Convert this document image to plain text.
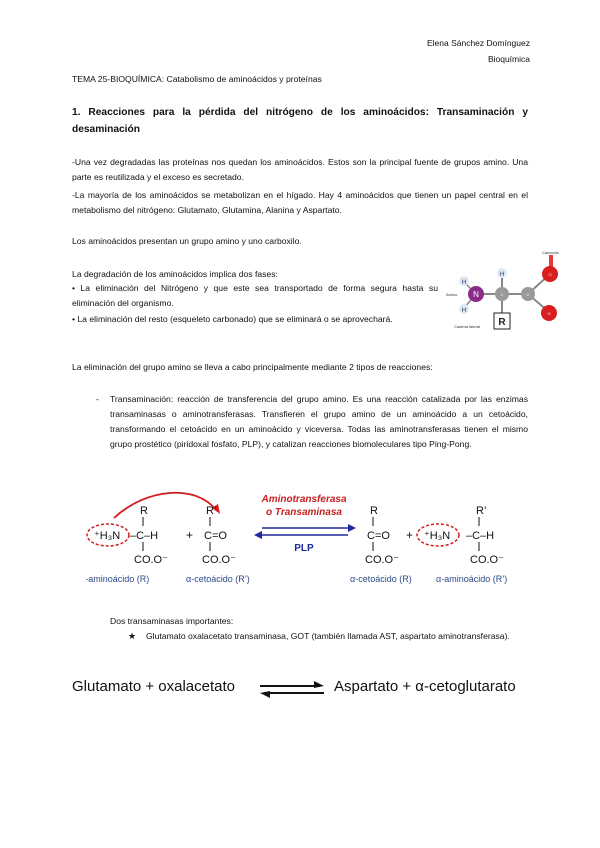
Elena Sánchez Domínguez
Bioquímica
TEMA 25-BIOQUÍMICA: Catabolismo de aminoácidos y proteínas
1. Reacciones para la pérdida del nitrógeno de los aminoácidos: Transaminación y desaminación
-Una vez degradadas las proteínas nos quedan los aminoácidos. Estos son la principal fuente de grupos amino. Una parte es reutilizada y el exceso es secretado.
-La mayoría de los aminoácidos se metabolizan en el hígado. Hay 4 aminoácidos que tienen un papel central en el metabolismo del nitrógeno: Glutamato, Glutamina, Alanina y Aspartato.
Los aminoácidos presentan un grupo amino y uno carboxilo.
La degradación de los aminoácidos implica dos fases:
• La eliminación del Nitrógeno y que este sea transportado de forma segura hasta su eliminación del organismo.
• La eliminación del resto (esqueleto carbonado) que se eliminará o se aprovechará.
Carboxilo
Amino
Cadena lateral
N
H
H
H
C	C
O
O
R
La eliminación del grupo amino se lleva a cabo principalmente mediante 2 tipos de reacciones:
- Transaminación: reacción de transferencia del grupo amino. Es una reacción catalizada por las enzimas transaminasas o aminotransferasas. Transfieren el grupo amino de un aminoácido a un cetoácido, transformando el cetoácido en un aminoácido y viceversa. Todas las aminotransferasas tienen el mismo grupo prostético (piridoxal fosfato, PLP), y catalizan reacciones biomoleculares tipo Ping-Pong.
R
⁺H₃N –C–H
CO.O⁻
α-aminoácido (R)
+
R’
C=O
CO.O⁻
α-cetoácido (R’)
Aminotransferasa
o Transaminasa
PLP
R
C=O
CO.O⁻
α-cetoácido (R)
+
R’
⁺H₃N –C–H
CO.O⁻
α-aminoácido (R’)
Dos transaminasas importantes:
★ Glutamato oxalacetato transaminasa, GOT (también llamada AST, aspartato aminotransferasa).
Glutamato + oxalacetato	Aspartato + α-cetoglutarato
